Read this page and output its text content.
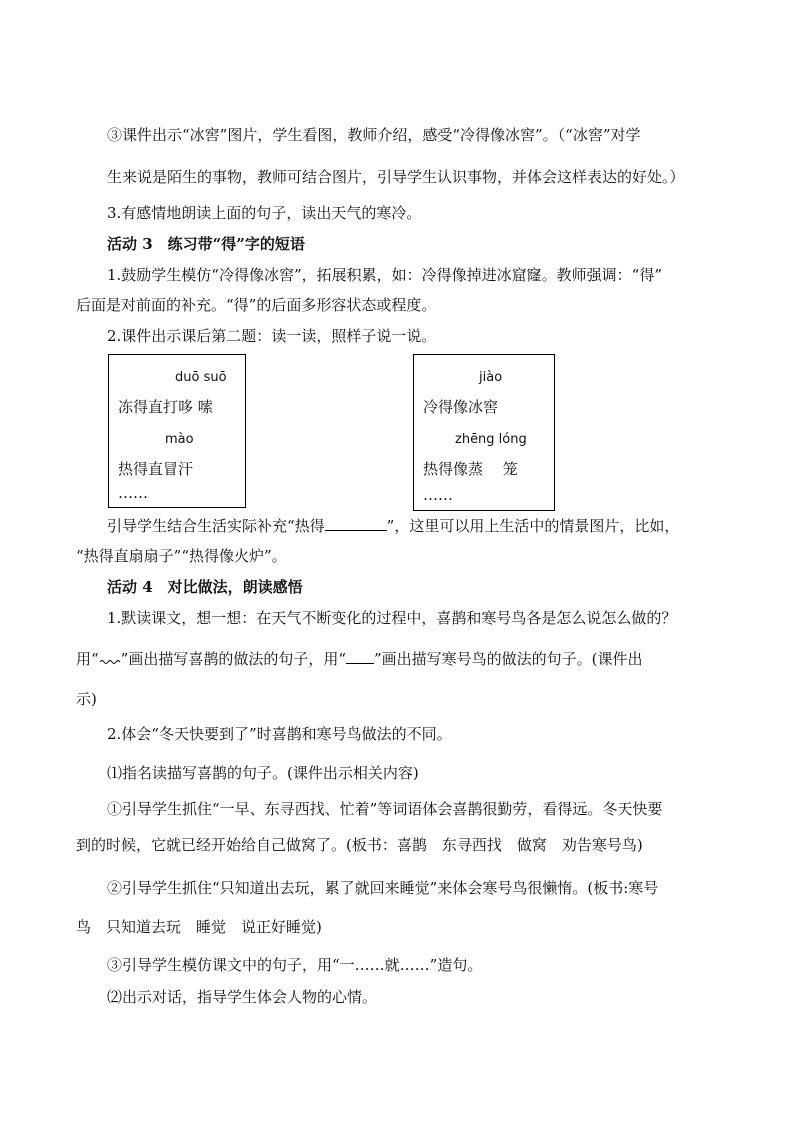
③课件出示“冰窖”图片，学生看图，教师介绍，感受“冷得像冰窖”。（“冰窖”对学
生来说是陌生的事物，教师可结合图片，引导学生认识事物，并体会这样表达的好处。）
3.有感情地朗读上面的句子，读出天气的寒冷。
活动 3　练习带“得”字的短语
1.鼓励学生模仿“冷得像冰窖”，拓展积累，如：冷得像掉进冰窟窿。教师强调：“得”
后面是对前面的补充。“得”的后面多形容状态或程度。
2.课件出示课后第二题：读一读，照样子说一说。
duō suō
冻得直打哆 嗦
mào
热得直冒汗
……
jiào
冷得像冰窖
zhēng lóng
热得像蒸　 笼
……
引导学生结合生活实际补充“热得	”，这里可以用上生活中的情景图片，比如，
“热得直扇扇子”“热得像火炉”。
活动 4　对比做法，朗读感悟
1.默读课文，想一想：在天气不断变化的过程中，喜鹊和寒号鸟各是怎么说怎么做的？
用“ ”画出描写喜鹊的做法的句子，用“ ”画出描写寒号鸟的做法的句子。(课件出
示)
2.体会“冬天快要到了”时喜鹊和寒号鸟做法的不同。
⑴指名读描写喜鹊的句子。(课件出示相关内容)
①引导学生抓住“一早、东寻西找、忙着”等词语体会喜鹊很勤劳，看得远。冬天快要
到的时候，它就已经开始给自己做窝了。(板书：喜鹊　东寻西找　做窝　劝告寒号鸟)
②引导学生抓住“只知道出去玩，累了就回来睡觉”来体会寒号鸟很懒惰。(板书:寒号
鸟　只知道去玩　睡觉　说正好睡觉)
③引导学生模仿课文中的句子，用“一……就……”造句。
⑵出示对话，指导学生体会人物的心情。
